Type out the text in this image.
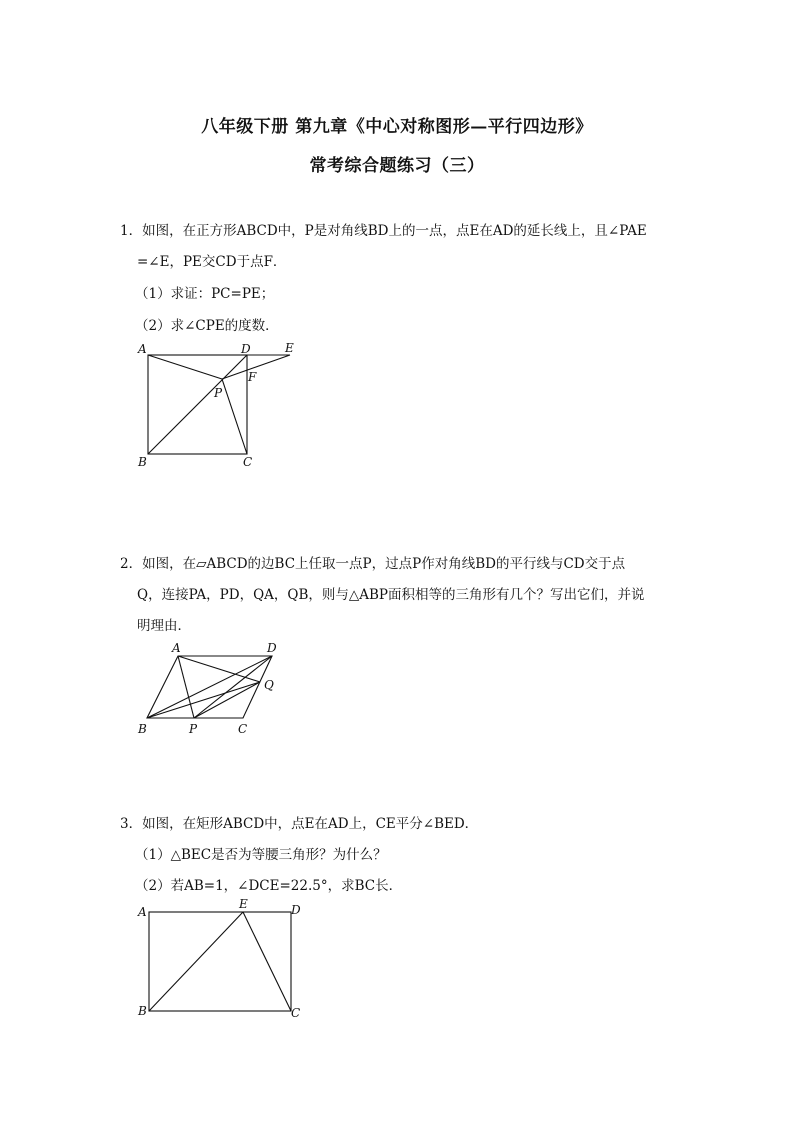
八年级下册 第九章《中心对称图形—平行四边形》
常考综合题练习（三）
1．如图，在正方形ABCD中，P是对角线BD上的一点，点E在AD的延长线上，且∠PAE
=∠E，PE交CD于点F．
（1）求证：PC=PE；
（2）求∠CPE的度数．
A	D	E
F
P
B	C
2．如图，在▱ABCD的边BC上任取一点P，过点P作对角线BD的平行线与CD交于点
Q，连接PA，PD，QA，QB，则与△ABP面积相等的三角形有几个？写出它们，并说
明理由．
A	D
Q
B	P	C
3．如图，在矩形ABCD中，点E在AD上，CE平分∠BED．
（1）△BEC是否为等腰三角形？为什么？
（2）若AB=1，∠DCE=22.5°，求BC长．
A
E	D
B	C
